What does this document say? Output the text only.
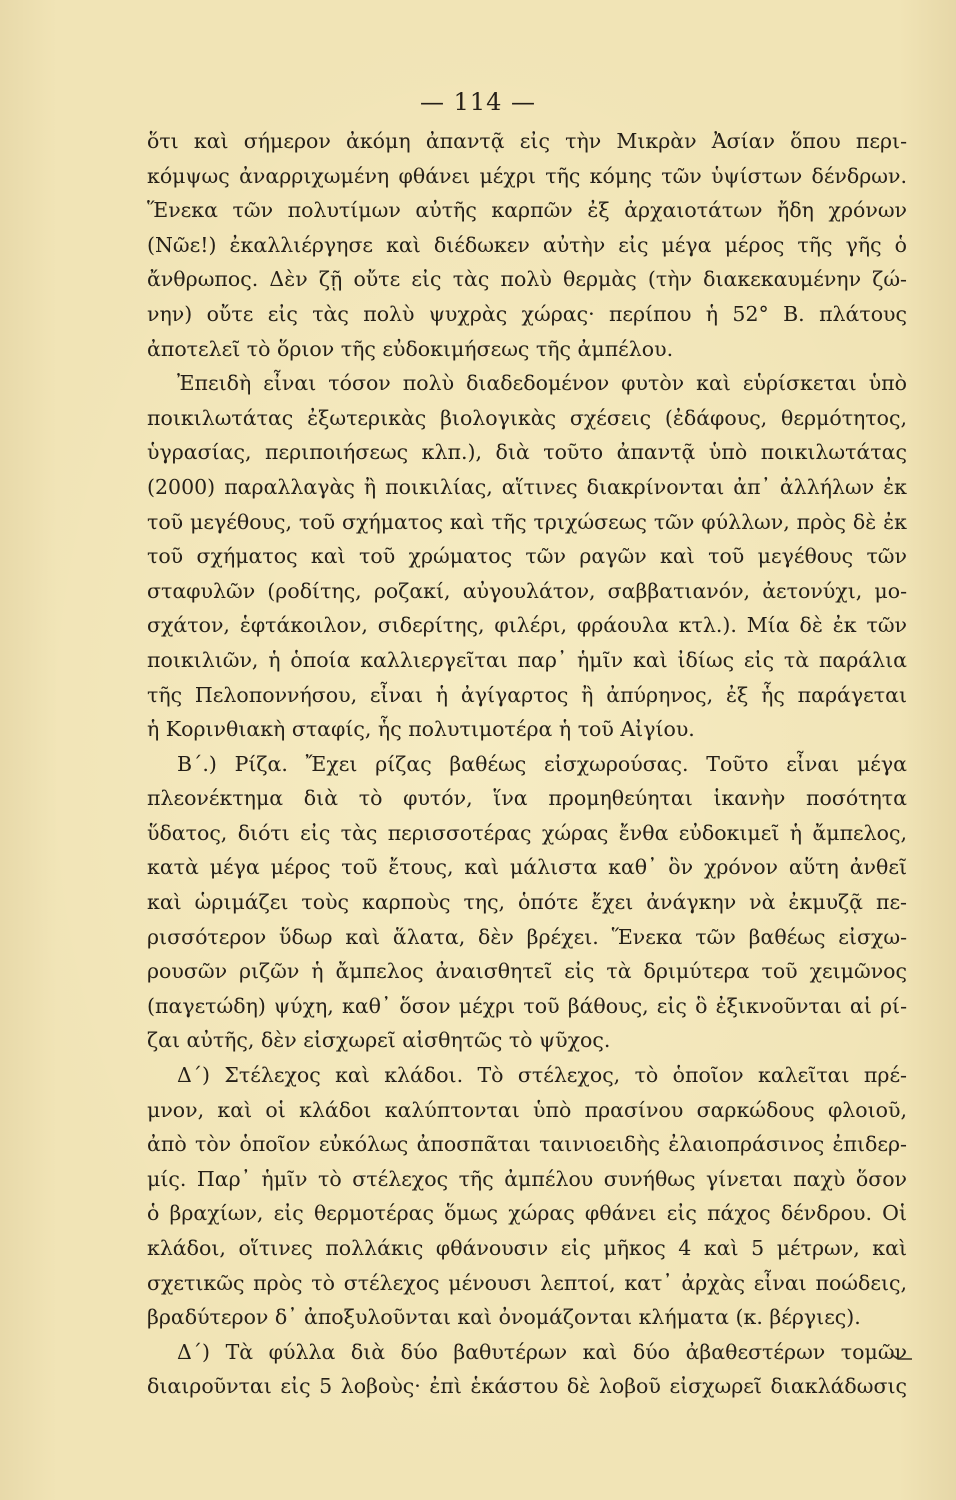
— 114 —
ὅτι καὶ σήμερον ἀκόμη ἀπαντᾷ εἰς τὴν Μικρὰν Ἀσίαν ὅπου περι-
κόμψως ἀναρριχωμένη φθάνει μέχρι τῆς κόμης τῶν ὑψίστων δένδρων.
Ἕνεκα τῶν πολυτίμων αὐτῆς καρπῶν ἐξ ἀρχαιοτάτων ἤδη χρόνων
(Νῶε!) ἐκαλλιέργησε καὶ διέδωκεν αὐτὴν εἰς μέγα μέρος τῆς γῆς ὁ
ἄνθρωπος. Δὲν ζῇ οὔτε εἰς τὰς πολὺ θερμὰς (τὴν διακεκαυμένην ζώ-
νην) οὔτε εἰς τὰς πολὺ ψυχρὰς χώρας· περίπου ἡ 52° Β. πλάτους
ἀποτελεῖ τὸ ὅριον τῆς εὐδοκιμήσεως τῆς ἀμπέλου.
Ἐπειδὴ εἶναι τόσον πολὺ διαδεδομένον φυτὸν καὶ εὑρίσκεται ὑπὸ
ποικιλωτάτας ἐξωτερικὰς βιολογικὰς σχέσεις (ἐδάφους, θερμότητος,
ὑγρασίας, περιποιήσεως κλπ.), διὰ τοῦτο ἀπαντᾷ ὑπὸ ποικιλωτάτας
(2000) παραλλαγὰς ἢ ποικιλίας, αἵτινες διακρίνονται ἀπ᾽ ἀλλήλων ἐκ
τοῦ μεγέθους, τοῦ σχήματος καὶ τῆς τριχώσεως τῶν φύλλων, πρὸς δὲ ἐκ
τοῦ σχήματος καὶ τοῦ χρώματος τῶν ραγῶν καὶ τοῦ μεγέθους τῶν
σταφυλῶν (ροδίτης, ροζακί, αὐγουλάτον, σαββατιανόν, ἀετονύχι, μο-
σχάτον, ἑφτάκοιλον, σιδερίτης, φιλέρι, φράουλα κτλ.). Μία δὲ ἐκ τῶν
ποικιλιῶν, ἡ ὁποία καλλιεργεῖται παρ᾽ ἡμῖν καὶ ἰδίως εἰς τὰ παράλια
τῆς Πελοποννήσου, εἶναι ἡ ἀγίγαρτος ἢ ἀπύρηνος, ἐξ ἧς παράγεται
ἡ Κορινθιακὴ σταφίς, ἧς πολυτιμοτέρα ἡ τοῦ Αἰγίου.
Β΄.) Ρίζα. Ἔχει ρίζας βαθέως εἰσχωρούσας. Τοῦτο εἶναι μέγα
πλεονέκτημα διὰ τὸ φυτόν, ἵνα προμηθεύηται ἱκανὴν ποσότητα
ὕδατος, διότι εἰς τὰς περισσοτέρας χώρας ἔνθα εὐδοκιμεῖ ἡ ἄμπελος,
κατὰ μέγα μέρος τοῦ ἔτους, καὶ μάλιστα καθ᾽ ὃν χρόνον αὕτη ἀνθεῖ
καὶ ὡριμάζει τοὺς καρποὺς της, ὁπότε ἔχει ἀνάγκην νὰ ἐκμυζᾷ πε-
ρισσότερον ὕδωρ καὶ ἅλατα, δὲν βρέχει. Ἕνεκα τῶν βαθέως εἰσχω-
ρουσῶν ριζῶν ἡ ἄμπελος ἀναισθητεῖ εἰς τὰ δριμύτερα τοῦ χειμῶνος
(παγετώδη) ψύχη, καθ᾽ ὅσον μέχρι τοῦ βάθους, εἰς ὃ ἐξικνοῦνται αἱ ρί-
ζαι αὐτῆς, δὲν εἰσχωρεῖ αἰσθητῶς τὸ ψῦχος.
Δ΄) Στέλεχος καὶ κλάδοι. Τὸ στέλεχος, τὸ ὁποῖον καλεῖται πρέ-
μνον, καὶ οἱ κλάδοι καλύπτονται ὑπὸ πρασίνου σαρκώδους φλοιοῦ,
ἀπὸ τὸν ὁποῖον εὐκόλως ἀποσπᾶται ταινιοειδὴς ἐλαιοπράσινος ἐπιδερ-
μίς. Παρ᾽ ἡμῖν τὸ στέλεχος τῆς ἀμπέλου συνήθως γίνεται παχὺ ὅσον
ὁ βραχίων, εἰς θερμοτέρας ὅμως χώρας φθάνει εἰς πάχος δένδρου. Οἱ
κλάδοι, οἵτινες πολλάκις φθάνουσιν εἰς μῆκος 4 καὶ 5 μέτρων, καὶ
σχετικῶς πρὸς τὸ στέλεχος μένουσι λεπτοί, κατ᾽ ἀρχὰς εἶναι ποώδεις,
βραδύτερον δ᾽ ἀποξυλοῦνται καὶ ὀνομάζονται κλήματα (κ. βέργιες).
Δ΄) Τὰ φύλλα διὰ δύο βαθυτέρων καὶ δύο ἀβαθεστέρων τομῶν
διαιροῦνται εἰς 5 λοβοὺς· ἐπὶ ἑκάστου δὲ λοβοῦ εἰσχωρεῖ διακλάδωσις
